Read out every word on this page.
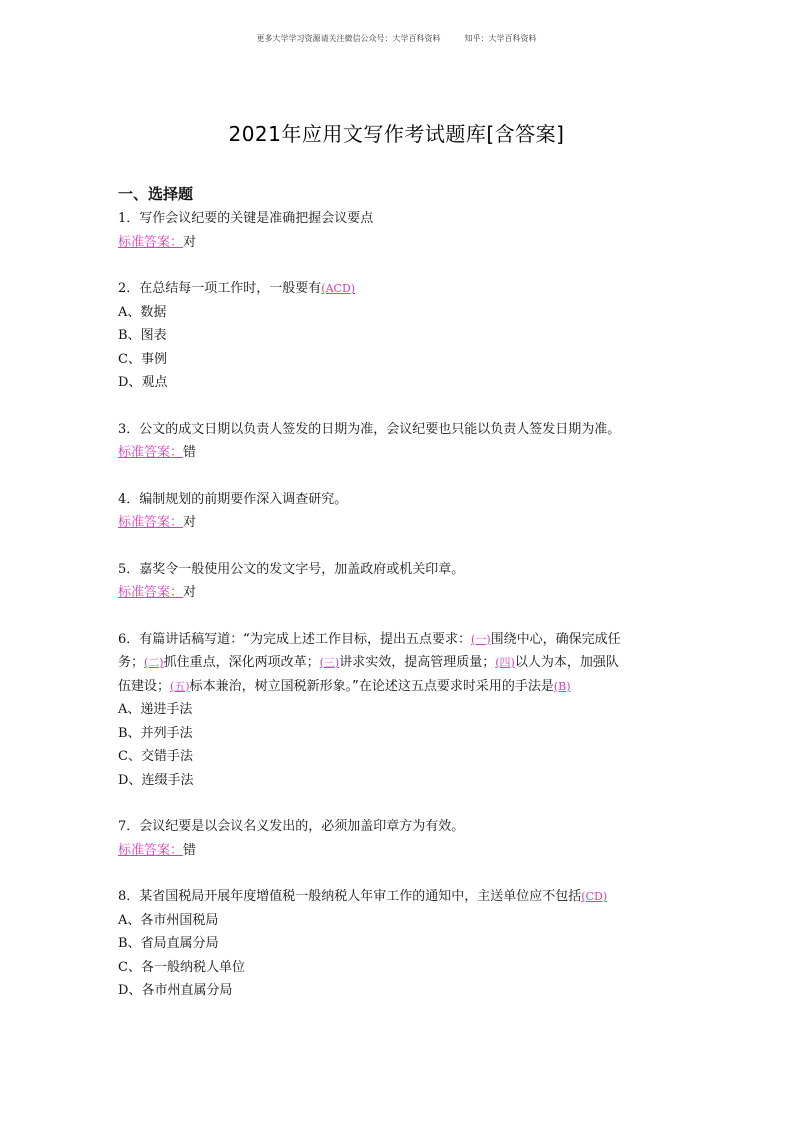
更多大学学习资源请关注微信公众号：大学百科资料	知乎：大学百科资料
2021年应用文写作考试题库[含答案]
一、选择题
1．写作会议纪要的关键是准确把握会议要点
标准答案：对
2．在总结每一项工作时，一般要有(ACD)
A、数据
B、图表
C、事例
D、观点
3．公文的成文日期以负责人签发的日期为准，会议纪要也只能以负责人签发日期为准。
标准答案：错
4．编制规划的前期要作深入调查研究。
标准答案：对
5．嘉奖令一般使用公文的发文字号，加盖政府或机关印章。
标准答案：对
6．有篇讲话稿写道：“为完成上述工作目标，提出五点要求：(一)围绕中心，确保完成任
务；(二)抓住重点，深化两项改革；(三)讲求实效，提高管理质量；(四)以人为本，加强队
伍建设；(五)标本兼治，树立国税新形象。”在论述这五点要求时采用的手法是(B)
A、递进手法
B、并列手法
C、交错手法
D、连缀手法
7．会议纪要是以会议名义发出的，必须加盖印章方为有效。
标准答案：错
8．某省国税局开展年度增值税一般纳税人年审工作的通知中，主送单位应不包括(CD)
A、各市州国税局
B、省局直属分局
C、各一般纳税人单位
D、各市州直属分局
